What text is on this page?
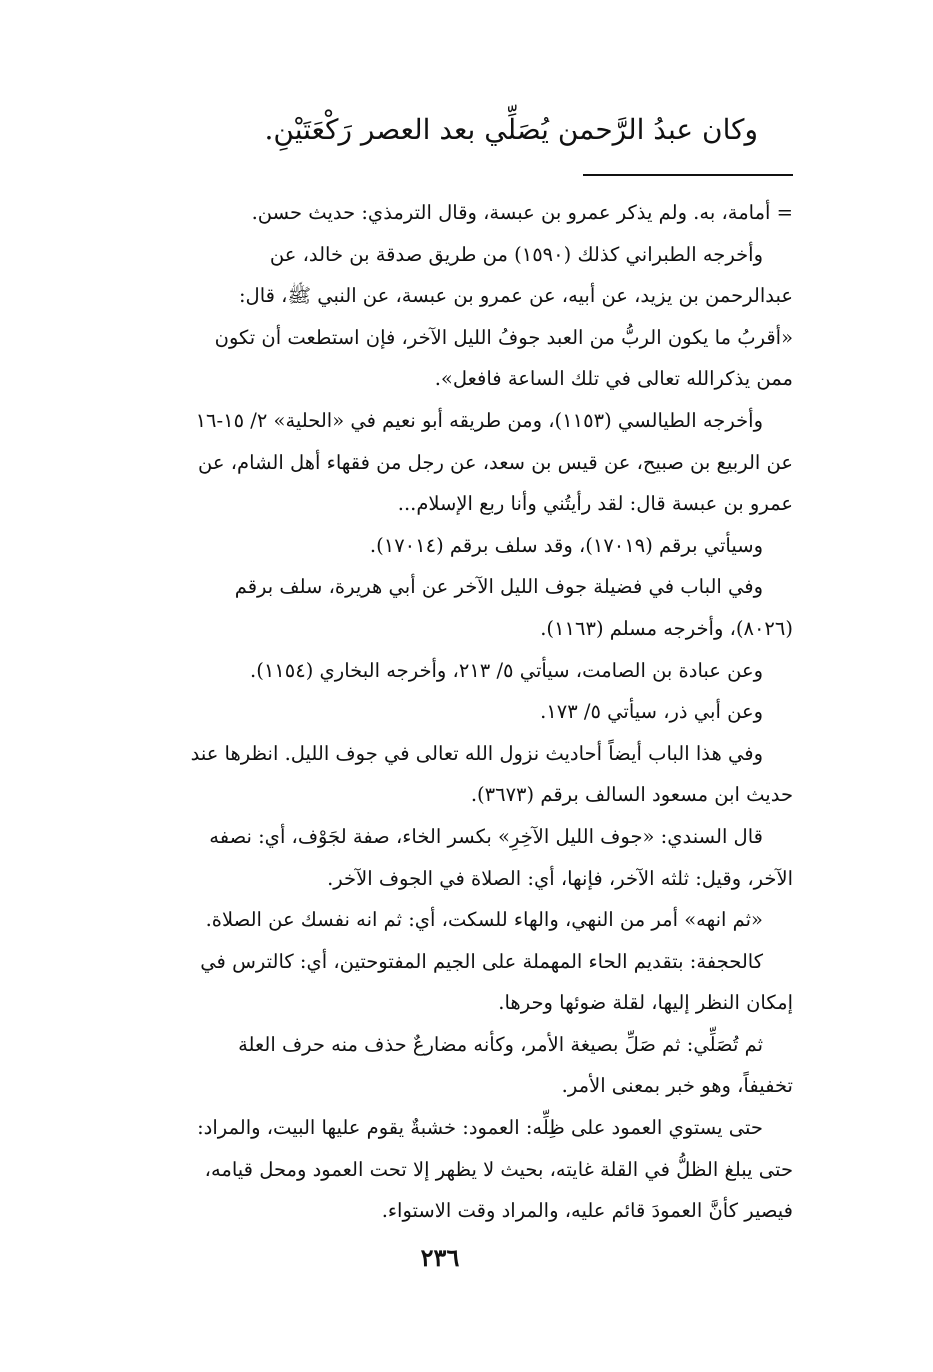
وكان عبدُ الرَّحمن يُصَلِّي بعد العصر رَكْعَتَيْنِ.

= أمامة، به. ولم يذكر عمرو بن عبسة، وقال الترمذي: حديث حسن.

وأخرجه الطبراني كذلك (١٥٩٠) من طريق صدقة بن خالد، عن

عبدالرحمن بن يزيد، عن أبيه، عن عمرو بن عبسة، عن النبي ﷺ، قال:

«أقربُ ما يكون الربُّ من العبد جوفُ الليل الآخر، فإن استطعت أن تكون

ممن يذكرالله تعالى في تلك الساعة فافعل».

وأخرجه الطيالسي (١١٥٣)، ومن طريقه أبو نعيم في «الحلية» ٢/ ١٥-١٦

عن الربيع بن صبيح، عن قيس بن سعد، عن رجل من فقهاء أهل الشام، عن

عمرو بن عبسة قال: لقد رأيتُني وأنا ربع الإسلام...

وسيأتي برقم (١٧٠١٩)، وقد سلف برقم (١٧٠١٤).

وفي الباب في فضيلة جوف الليل الآخر عن أبي هريرة، سلف برقم

(٨٠٢٦)، وأخرجه مسلم (١١٦٣).

وعن عبادة بن الصامت، سيأتي ٥/ ٢١٣، وأخرجه البخاري (١١٥٤).

وعن أبي ذر، سيأتي ٥/ ١٧٣.

وفي هذا الباب أيضاً أحاديث نزول الله تعالى في جوف الليل. انظرها عند

حديث ابن مسعود السالف برقم (٣٦٧٣).

قال السندي: «جوف الليل الآخِرِ» بكسر الخاء، صفة لجَوْف، أي: نصفه

الآخر، وقيل: ثلثه الآخر، فإنها، أي: الصلاة في الجوف الآخر.

«ثم انهه» أمر من النهي، والهاء للسكت، أي: ثم انه نفسك عن الصلاة.

كالحجفة: بتقديم الحاء المهملة على الجيم المفتوحتين، أي: كالترس في

إمكان النظر إليها، لقلة ضوئها وحرها.

ثم تُصَلِّي: ثم صَلِّ بصيغة الأمر، وكأنه مضارعٌ حذف منه حرف العلة

تخفيفاً، وهو خبر بمعنى الأمر.

حتى يستوي العمود على ظِلِّه: العمود: خشبةٌ يقوم عليها البيت، والمراد:

حتى يبلغ الظلُّ في القلة غايته، بحيث لا يظهر إلا تحت العمود ومحل قيامه،

فيصير كأنَّ العمودَ قائم عليه، والمراد وقت الاستواء.

٢٣٦
